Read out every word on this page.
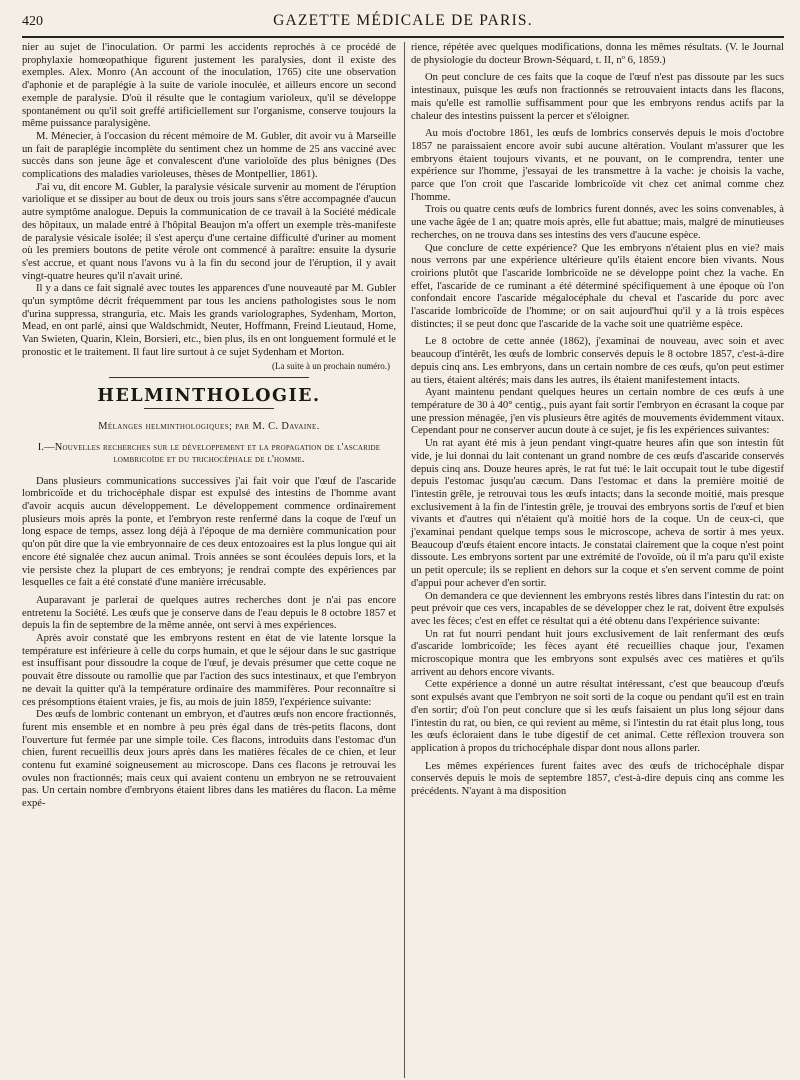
420	GAZETTE MÉDICALE DE PARIS.

nier au sujet de l'inoculation. Or parmi les accidents reprochés à ce procédé de prophylaxie homœopathique figurent justement les paralysies, dont il existe des exemples. Alex. Monro (An account of the inoculation, 1765) cite une observation d'aphonie et de paraplégie à la suite de variole inoculée, et ailleurs encore un second exemple de paralysie. D'où il résulte que le contagium varioleux, qu'il se développe spontanément ou qu'il soit greffé artificiellement sur l'organisme, conserve toujours la même puissance paralysigène.

M. Ménecier, à l'occasion du récent mémoire de M. Gubler, dit avoir vu à Marseille un fait de paraplégie incomplète du sentiment chez un homme de 25 ans vacciné avec succès dans son jeune âge et convalescent d'une varioloïde des plus bénignes (Des complications des maladies varioleuses, thèses de Montpellier, 1861).

J'ai vu, dit encore M. Gubler, la paralysie vésicale survenir au moment de l'éruption variolique et se dissiper au bout de deux ou trois jours sans s'être accompagnée d'aucun autre symptôme analogue. Depuis la communication de ce travail à la Société médicale des hôpitaux, un malade entré à l'hôpital Beaujon m'a offert un exemple très-manifeste de paralysie vésicale isolée; il s'est aperçu d'une certaine difficulté d'uriner au moment où les premiers boutons de petite vérole ont commencé à paraître: ensuite la dysurie s'est accrue, et quant nous l'avons vu à la fin du second jour de l'éruption, il y avait vingt-quatre heures qu'il n'avait uriné.

Il y a dans ce fait signalé avec toutes les apparences d'une nouveauté par M. Gubler qu'un symptôme décrit fréquemment par tous les anciens pathologistes sous le nom d'urina suppressa, stranguria, etc. Mais les grands variolographes, Sydenham, Morton, Mead, en ont parlé, ainsi que Waldschmidt, Neuter, Hoffmann, Freind Lieutaud, Home, Van Swieten, Quarin, Klein, Borsieri, etc., bien plus, ils en ont longuement formulé et le pronostic et le traitement. Il faut lire surtout à ce sujet Sydenham et Morton.

(La suite à un prochain numéro.)
HELMINTHOLOGIE.
Mélanges helminthologiques; par M. C. Davaine.
I.—Nouvelles recherches sur le développement et la propagation de l'ascaride lombricoïde et du trichocéphale de l'homme.

Dans plusieurs communications successives j'ai fait voir que l'œuf de l'ascaride lombricoïde et du trichocéphale dispar est expulsé des intestins de l'homme avant d'avoir acquis aucun développement. Le développement commence ordinairement plusieurs mois après la ponte, et l'embryon reste renfermé dans la coque de l'œuf un long espace de temps, assez long déjà à l'époque de ma dernière communication pour qu'on pût dire que la vie embryonnaire de ces deux entozoaires est la plus longue qui ait encore été signalée chez aucun animal. Trois années se sont écoulées depuis lors, et la vie persiste chez la plupart de ces embryons; je rendrai compte des expériences par lesquelles ce fait a été constaté d'une manière irrécusable.

Auparavant je parlerai de quelques autres recherches dont je n'ai pas encore entretenu la Société. Les œufs que je conserve dans de l'eau depuis le 8 octobre 1857 et depuis la fin de septembre de la même année, ont servi à mes expériences.

Après avoir constaté que les embryons restent en état de vie latente lorsque la température est inférieure à celle du corps humain, et que le séjour dans le suc gastrique est insuffisant pour dissoudre la coque de l'œuf, je devais présumer que cette coque ne pouvait être dissoute ou ramollie que par l'action des sucs intestinaux, et que l'embryon ne devait la quitter qu'à la température ordinaire des mammifères. Pour reconnaître si ces présomptions étaient vraies, je fis, au mois de juin 1859, l'expérience suivante:

Des œufs de lombric contenant un embryon, et d'autres œufs non encore fractionnés, furent mis ensemble et en nombre à peu près égal dans de très-petits flacons, dont l'ouverture fut fermée par une simple toile. Ces flacons, introduits dans l'estomac d'un chien, furent recueillis deux jours après dans les matières fécales de ce chien, et leur contenu fut examiné soigneusement au microscope. Dans ces flacons je retrouvai les ovules non fractionnés; mais ceux qui avaient contenu un embryon ne se retrouvaient pas. Un certain nombre d'embryons étaient libres dans les matières du flacon. La même expé-

rience, répétée avec quelques modifications, donna les mêmes résultats. (V. le Journal de physiologie du docteur Brown-Séquard, t. II, nº 6, 1859.)

On peut conclure de ces faits que la coque de l'œuf n'est pas dissoute par les sucs intestinaux, puisque les œufs non fractionnés se retrouvaient intacts dans les flacons, mais qu'elle est ramollie suffisamment pour que les embryons rendus actifs par la chaleur des intestins puissent la percer et s'éloigner.

Au mois d'octobre 1861, les œufs de lombrics conservés depuis le mois d'octobre 1857 ne paraissaient encore avoir subi aucune altération. Voulant m'assurer que les embryons étaient toujours vivants, et ne pouvant, on le comprendra, tenter une expérience sur l'homme, j'essayai de les transmettre à la vache: je choisis la vache, parce que l'on croit que l'ascaride lombricoïde vit chez cet animal comme chez l'homme.

Trois ou quatre cents œufs de lombrics furent donnés, avec les soins convenables, à une vache âgée de 1 an; quatre mois après, elle fut abattue; mais, malgré de minutieuses recherches, on ne trouva dans ses intestins des vers d'aucune espèce.

Que conclure de cette expérience? Que les embryons n'étaient plus en vie? mais nous verrons par une expérience ultérieure qu'ils étaient encore bien vivants. Nous croirions plutôt que l'ascaride lombricoïde ne se développe point chez la vache. En effet, l'ascaride de ce ruminant a été déterminé spécifiquement à une époque où l'on confondait encore l'ascaride mégalocéphale du cheval et l'ascaride du porc avec l'ascaride lombricoïde de l'homme; or on sait aujourd'hui qu'il y a là trois espèces distinctes; il se peut donc que l'ascaride de la vache soit une quatrième espèce.

Le 8 octobre de cette année (1862), j'examinai de nouveau, avec soin et avec beaucoup d'intérêt, les œufs de lombric conservés depuis le 8 octobre 1857, c'est-à-dire depuis cinq ans. Les embryons, dans un certain nombre de ces œufs, qu'on peut estimer au tiers, étaient altérés; mais dans les autres, ils étaient manifestement intacts.

Ayant maintenu pendant quelques heures un certain nombre de ces œufs à une température de 30 à 40° centig., puis ayant fait sortir l'embryon en écrasant la coque par une pression ménagée, j'en vis plusieurs être agités de mouvements évidemment vitaux. Cependant pour ne conserver aucun doute à ce sujet, je fis les expériences suivantes:

Un rat ayant été mis à jeun pendant vingt-quatre heures afin que son intestin fût vide, je lui donnai du lait contenant un grand nombre de ces œufs d'ascaride conservés depuis cinq ans. Douze heures après, le rat fut tué: le lait occupait tout le tube digestif depuis l'estomac jusqu'au cæcum. Dans l'estomac et dans la première moitié de l'intestin grêle, je retrouvai tous les œufs intacts; dans la seconde moitié, mais presque exclusivement à la fin de l'intestin grêle, je trouvai des embryons sortis de l'œuf et bien vivants et d'autres qui n'étaient qu'à moitié hors de la coque. Un de ceux-ci, que j'examinai pendant quelque temps sous le microscope, acheva de sortir à mes yeux. Beaucoup d'œufs étaient encore intacts. Je constatai clairement que la coque n'est point dissoute. Les embryons sortent par une extrémité de l'ovoïde, où il m'a paru qu'il existe un petit opercule; ils se replient en dehors sur la coque et s'en servent comme de point d'appui pour achever d'en sortir.

On demandera ce que deviennent les embryons restés libres dans l'intestin du rat: on peut prévoir que ces vers, incapables de se développer chez le rat, doivent être expulsés avec les fèces; c'est en effet ce résultat qui a été obtenu dans l'expérience suivante:

Un rat fut nourri pendant huit jours exclusivement de lait renfermant des œufs d'ascaride lombricoïde; les fèces ayant été recueillies chaque jour, l'examen microscopique montra que les embryons sont expulsés avec ces matières et qu'ils arrivent au dehors encore vivants.

Cette expérience a donné un autre résultat intéressant, c'est que beaucoup d'œufs sont expulsés avant que l'embryon ne soit sorti de la coque ou pendant qu'il est en train d'en sortir; d'où l'on peut conclure que si les œufs faisaient un plus long séjour dans l'intestin du rat, ou bien, ce qui revient au même, si l'intestin du rat était plus long, tous les œufs écloraient dans le tube digestif de cet animal. Cette réflexion trouvera son application à propos du trichocéphale dispar dont nous allons parler.

Les mêmes expériences furent faites avec des œufs de trichocéphale dispar conservés depuis le mois de septembre 1857, c'est-à-dire depuis cinq ans comme les précédents. N'ayant à ma disposition
